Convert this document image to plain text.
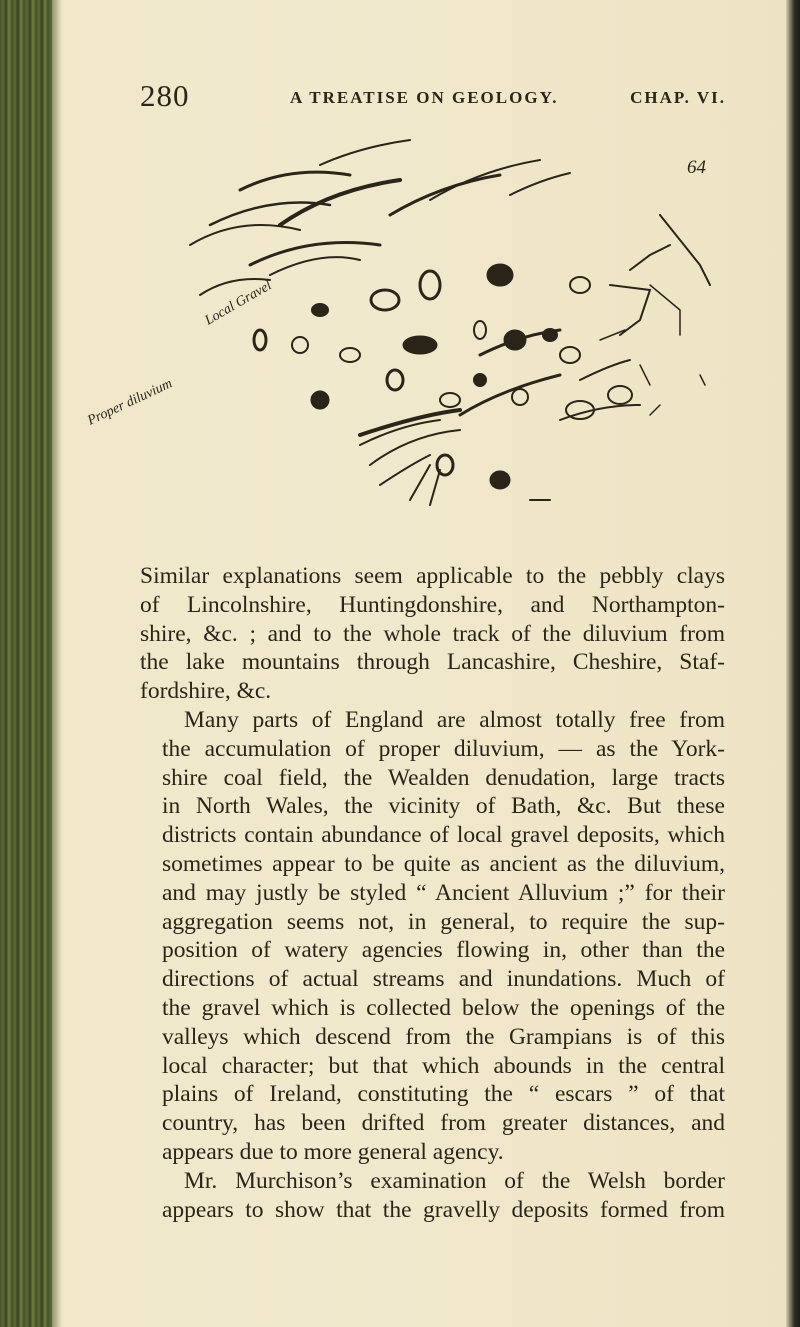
280	A TREATISE ON GEOLOGY.	CHAP. VI.
Local Gravel
Proper diluvium
64

Similar explanations seem applicable to the pebbly clays
of Lincolnshire, Huntingdonshire, and Northampton-
shire, &c. ; and to the whole track of the diluvium from
the lake mountains through Lancashire, Cheshire, Staf-
fordshire, &c.

Many parts of England are almost totally free from
the accumulation of proper diluvium, — as the York-
shire coal field, the Wealden denudation, large tracts
in North Wales, the vicinity of Bath, &c. But these
districts contain abundance of local gravel deposits, which
sometimes appear to be quite as ancient as the diluvium,
and may justly be styled “ Ancient Alluvium ;” for their
aggregation seems not, in general, to require the sup-
position of watery agencies flowing in, other than the
directions of actual streams and inundations. Much of
the gravel which is collected below the openings of the
valleys which descend from the Grampians is of this
local character; but that which abounds in the central
plains of Ireland, constituting the “ escars ” of that
country, has been drifted from greater distances, and
appears due to more general agency.

Mr. Murchison’s examination of the Welsh border
appears to show that the gravelly deposits formed from
